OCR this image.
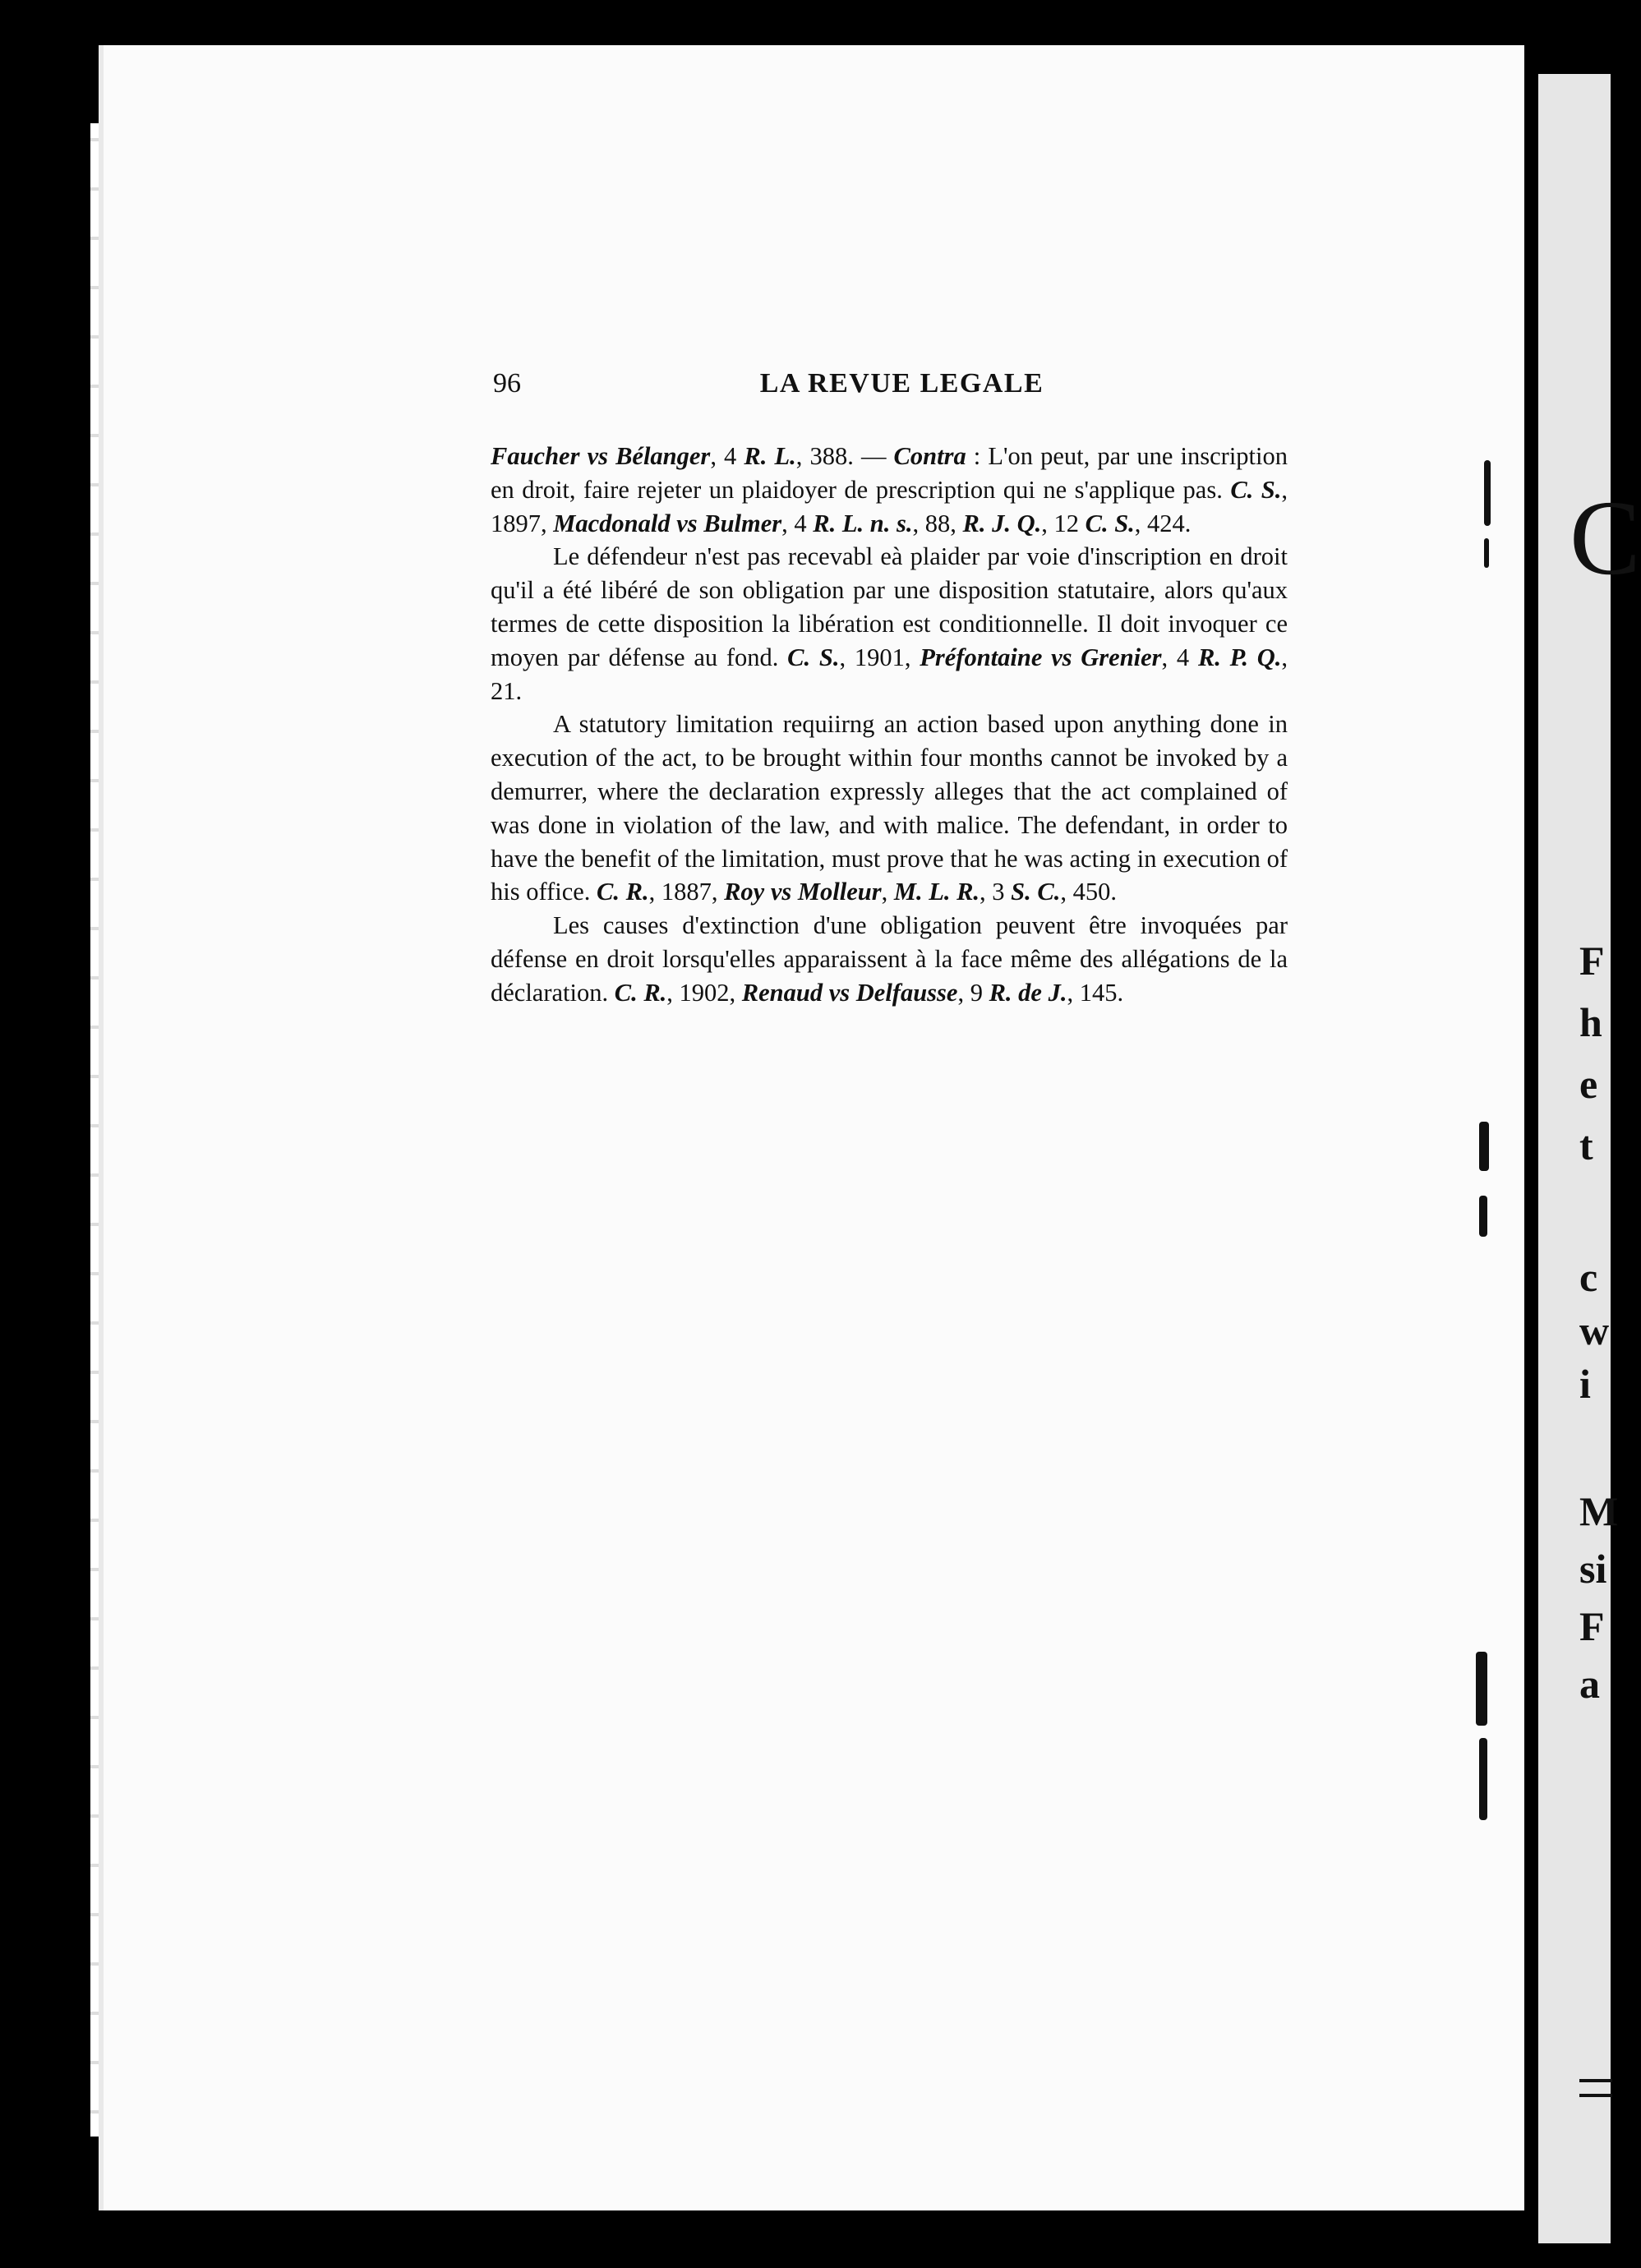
C
F
h
e
t
c
w
i
M
si
F
a
96	LA REVUE LEGALE

Faucher vs Bélanger, 4 R. L., 388. — Contra : L'on peut, par une inscription en droit, faire rejeter un plaidoyer de prescription qui ne s'applique pas. C. S., 1897, Macdonald vs Bulmer, 4 R. L. n. s., 88, R. J. Q., 12 C. S., 424.

Le défendeur n'est pas recevabl eà plaider par voie d'inscription en droit qu'il a été libéré de son obligation par une disposition statutaire, alors qu'aux termes de cette disposition la libération est conditionnelle. Il doit invoquer ce moyen par défense au fond. C. S., 1901, Préfontaine vs Grenier, 4 R. P. Q., 21.

A statutory limitation requiirng an action based upon anything done in execution of the act, to be brought within four months cannot be invoked by a demurrer, where the declaration expressly alleges that the act complained of was done in violation of the law, and with malice. The defendant, in order to have the benefit of the limitation, must prove that he was acting in execution of his office. C. R., 1887, Roy vs Molleur, M. L. R., 3 S. C., 450.

Les causes d'extinction d'une obligation peuvent être invoquées par défense en droit lorsqu'elles apparaissent à la face même des allégations de la déclaration. C. R., 1902, Renaud vs Delfausse, 9 R. de J., 145.
